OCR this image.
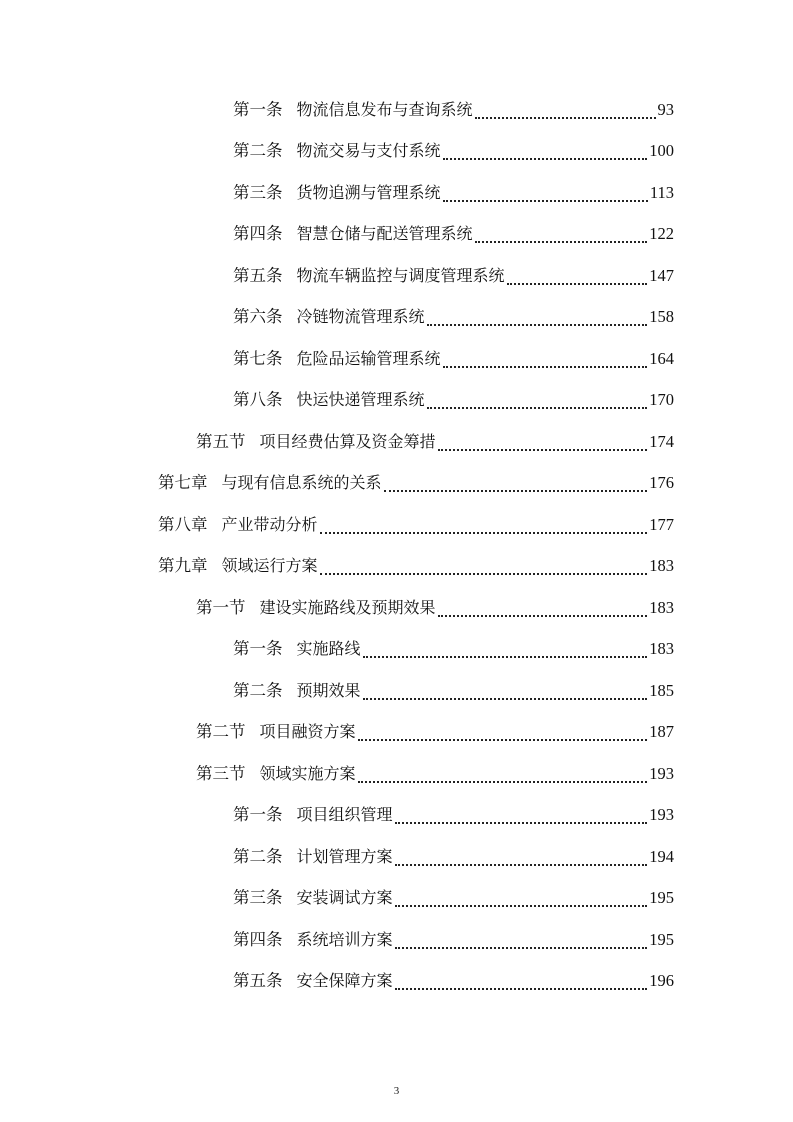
第一条 物流信息发布与查询系统	93
第二条 物流交易与支付系统	100
第三条 货物追溯与管理系统	113
第四条 智慧仓储与配送管理系统	122
第五条 物流车辆监控与调度管理系统	147
第六条 冷链物流管理系统	158
第七条 危险品运输管理系统	164
第八条 快运快递管理系统	170
第五节 项目经费估算及资金筹措	174
第七章 与现有信息系统的关系	176
第八章 产业带动分析	177
第九章 领域运行方案	183
第一节 建设实施路线及预期效果	183
第一条 实施路线	183
第二条 预期效果	185
第二节 项目融资方案	187
第三节 领域实施方案	193
第一条 项目组织管理	193
第二条 计划管理方案	194
第三条 安装调试方案	195
第四条 系统培训方案	195
第五条 安全保障方案	196
3
